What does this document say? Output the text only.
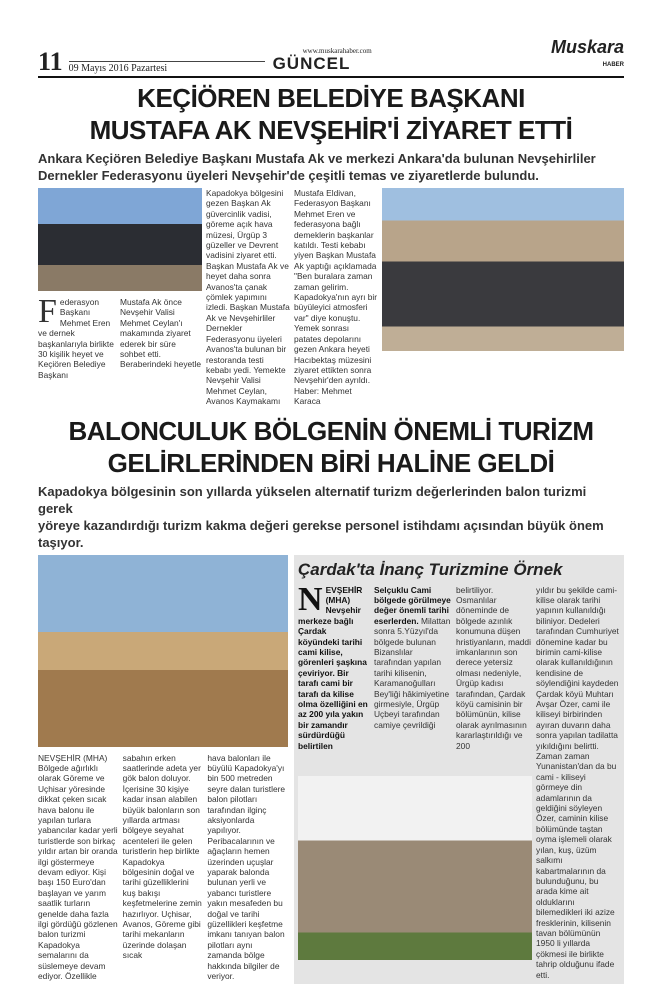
11 09 Mayıs 2016 Pazartesi
www.muskarahaber.com
GÜNCEL
Muskara
HABER
KEÇİÖREN BELEDİYE BAŞKANI
MUSTAFA AK NEVŞEHİR'İ ZİYARET ETTİ
Ankara Keçiören Belediye Başkanı Mustafa Ak ve merkezi Ankara'da bulunan Nevşehirliler
Dernekler Federasyonu üyeleri Nevşehir'de çeşitli temas ve ziyaretlerde bulundu.
Federasyon Başkanı Mehmet Eren ve dernek başkanlarıyla birlikte 30 kişilik heyet ve Keçiören Belediye Başkanı
Mustafa Ak önce Nevşehir Valisi Mehmet Ceylan'ı makamında ziyaret ederek bir süre sohbet etti. Beraberindeki heyetle
Kapadokya bölgesini gezen Başkan Ak güvercinlik vadisi, göreme açık hava müzesi, Ürgüp 3 güzeller ve Devrent vadisini ziyaret etti. Başkan Mustafa Ak ve heyet daha sonra Avanos'ta çanak çömlek yapımını izledi. Başkan Mustafa Ak ve Nevşehirliler Dernekler Federasyonu üyeleri Avanos'ta bulunan bir restoranda testi kebabı yedi. Yemekte Nevşehir Valisi Mehmet Ceylan, Avanos Kaymakamı
Mustafa Eldivan, Federasyon Başkanı Mehmet Eren ve federasyona bağlı demeklerin başkanlar katıldı. Testi kebabı yiyen Başkan Mustafa Ak yaptığı açıklamada "Ben buralara zaman zaman gelirim. Kapadokya'nın ayrı bir büyüleyici atmosferi var" diye konuştu. Yemek sonrası patates depolarını gezen Ankara heyeti Hacıbektaş müzesini ziyaret ettikten sonra Nevşehir'den ayrıldı. Haber: Mehmet Karaca
BALONCULUK BÖLGENİN ÖNEMLİ TURİZM
GELİRLERİNDEN BİRİ HALİNE GELDİ
Kapadokya bölgesinin son yıllarda yükselen alternatif turizm değerlerinden balon turizmi gerek
yöreye kazandırdığı turizm kakma değeri gerekse personel istihdamı açısından büyük önem taşıyor.
NEVŞEHİR (MHA) Bölgede ağırlıklı olarak Göreme ve Uçhisar yöresinde dikkat çeken sıcak hava balonu ile yapılan turlara yabancılar kadar yerli turistlerde son birkaç yıldır artan bir oranda ilgi göstermeye devam ediyor. Kişi başı 150 Euro'dan başlayan ve yarım saatlik turların genelde daha fazla ilgi gördüğü gözlenen balon turizmi Kapadokya semalarını da süslemeye devam ediyor. Özellikle
sabahın erken saatlerinde adeta yer gök balon doluyor. İçerisine 30 kişiye kadar insan alabilen büyük balonların son yıllarda artması bölgeye seyahat acenteleri ile gelen turistlerin hep birlikte Kapadokya bölgesinin doğal ve tarihi güzelliklerini kuş bakışı keşfetmelerine zemin hazırlıyor. Uçhisar, Avanos, Göreme gibi tarihi mekanların üzerinde dolaşan sıcak
hava balonları ile büyülü Kapadokya'yı bin 500 metreden seyre dalan turistlere balon pilotları tarafından ilginç aksiyonlarda yapılıyor. Peribacalarının ve ağaçların hemen üzerinden uçuşlar yaparak balonda bulunan yerli ve yabancı turistlere yakın mesafeden bu doğal ve tarihi güzellikleri keşfetme imkanı tanıyan balon pilotları aynı zamanda bölge hakkında bilgiler de veriyor.
Çardak'ta İnanç Turizmine Örnek
NEVŞEHİR (MHA) Nevşehir merkeze bağlı Çardak köyündeki tarihi cami kilise, görenleri şaşkına çeviriyor. Bir tarafı cami bir tarafı da kilise olma özelliğini en az 200 yıla yakın bir zamandır sürdürdüğü belirtilen
Selçuklu Cami bölgede görülmeye değer önemli tarihi eserlerden. Milattan sonra 5.Yüzyıl'da bölgede bulunan Bizanslılar tarafından yapılan tarihi kilisenin, Karamanoğulları Bey'liği hâkimiyetine girmesiyle, Ürgüp Uçbeyi tarafından camiye çevrildiği
belirtiliyor. Osmanlılar döneminde de bölgede azınlık konumuna düşen hristiyanların, maddi imkanlarının son derece yetersiz olması nedeniyle, Ürgüp kadısı tarafından, Çardak köyü camisinin bir bölümünün, kilise olarak ayrılmasının kararlaştırıldığı ve 200
yıldır bu şekilde cami-kilise olarak tarihi yapının kullanıldığı biliniyor. Dedeleri tarafından Cumhuriyet dönemine kadar bu birimin cami-kilise olarak kullanıldığının kendisine de söylendiğini kaydeden Çardak köyü Muhtarı Avşar Özer, cami ile kiliseyi birbirinden ayıran duvarın daha sonra yapılan tadilatta yıkıldığını belirtti. Zaman zaman Yunanistan'dan da bu cami - kiliseyi görmeye din adamlarının da geldiğini söyleyen Özer, caminin kilise bölümünde taştan oyma işlemeli olarak yılan, kuş, üzüm salkımı kabartmalarının da bulunduğunu, bu arada kime ait olduklarını bilemedikleri iki azize fresklerinin, kilisenin tavan bölümünün 1950 li yıllarda çökmesi ile birlikte tahrip olduğunu ifade etti.
